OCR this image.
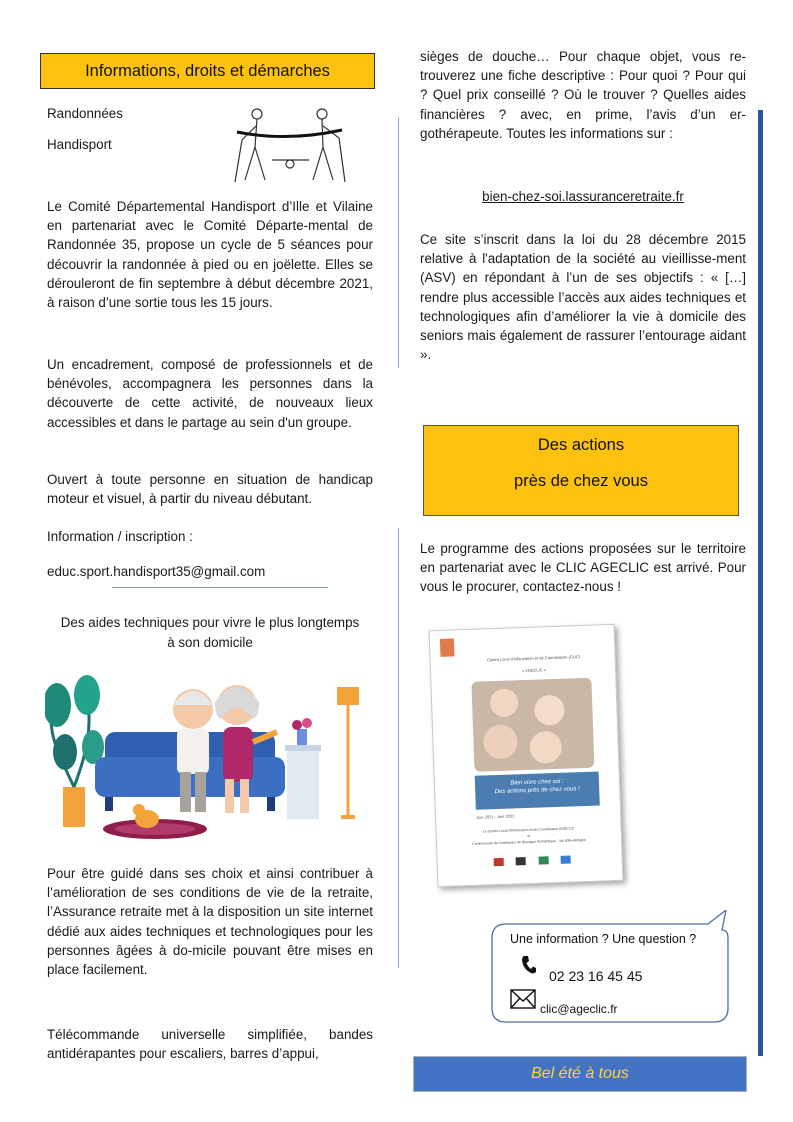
Informations, droits et démarches
Randonnées
Handisport
Le Comité Départemental Handisport d’Ille et Vilaine en partenariat avec le Comité Départe-mental de Randonnée 35, propose un cycle de 5 séances pour découvrir la randonnée à pied ou en joëlette. Elles se dérouleront de fin septembre à début décembre 2021, à raison d’une sortie tous les 15 jours.
Un encadrement, composé de professionnels et de bénévoles, accompagnera les personnes dans la découverte de cette activité, de nouveaux lieux accessibles et dans le partage au sein d'un groupe.
Ouvert à toute personne en situation de handicap moteur et visuel, à partir du niveau débutant.
Information / inscription :
educ.sport.handisport35@gmail.com
Des aides techniques pour vivre le plus longtemps
à son domicile
Pour être guidé dans ses choix et ainsi contribuer à l’amélioration de ses conditions de vie de la retraite, l’Assurance retraite met à la disposition un site internet dédié aux aides techniques et technologiques pour les personnes âgées à do-micile pouvant être mises en place facilement.
Télécommande universelle simplifiée, bandes antidérapantes pour escaliers, barres d’appui,
sièges de douche… Pour chaque objet, vous re-trouverez une fiche descriptive : Pour quoi ? Pour qui ? Quel prix conseillé ? Où le trouver ? Quelles aides financières ? avec, en prime, l’avis d’un er-gothérapeute. Toutes les informations sur :
bien-chez-soi.lassuranceretraite.fr
Ce site s’inscrit dans la loi du 28 décembre 2015 relative à l'adaptation de la société au vieillisse-ment (ASV) en répondant à l’un de ses objectifs : « […] rendre plus accessible l’accès aux aides techniques et technologiques afin d’améliorer la vie à domicile des seniors mais également de rassurer l’entourage aidant ».
Des actions
près de chez vous
Le programme des actions proposées sur le territoire en partenariat avec le CLIC AGECLIC est arrivé. Pour vous le procurer, contactez-nous !
Centre Local d'Information et de Coordination (CLIC)
« AGECLIC »
Bien vivre chez soi :
Des actions près de chez vous !
Juin 2021 - Juin 2022
Le Centre Local d'Information et de Coordination AGECLIC
et
Communauté de communes de Bretagne Romantique · Val d'Ille-Aubigné

Une information ? Une question ?
02 23 16 45 45
clic@ageclic.fr
Bel été à tous
